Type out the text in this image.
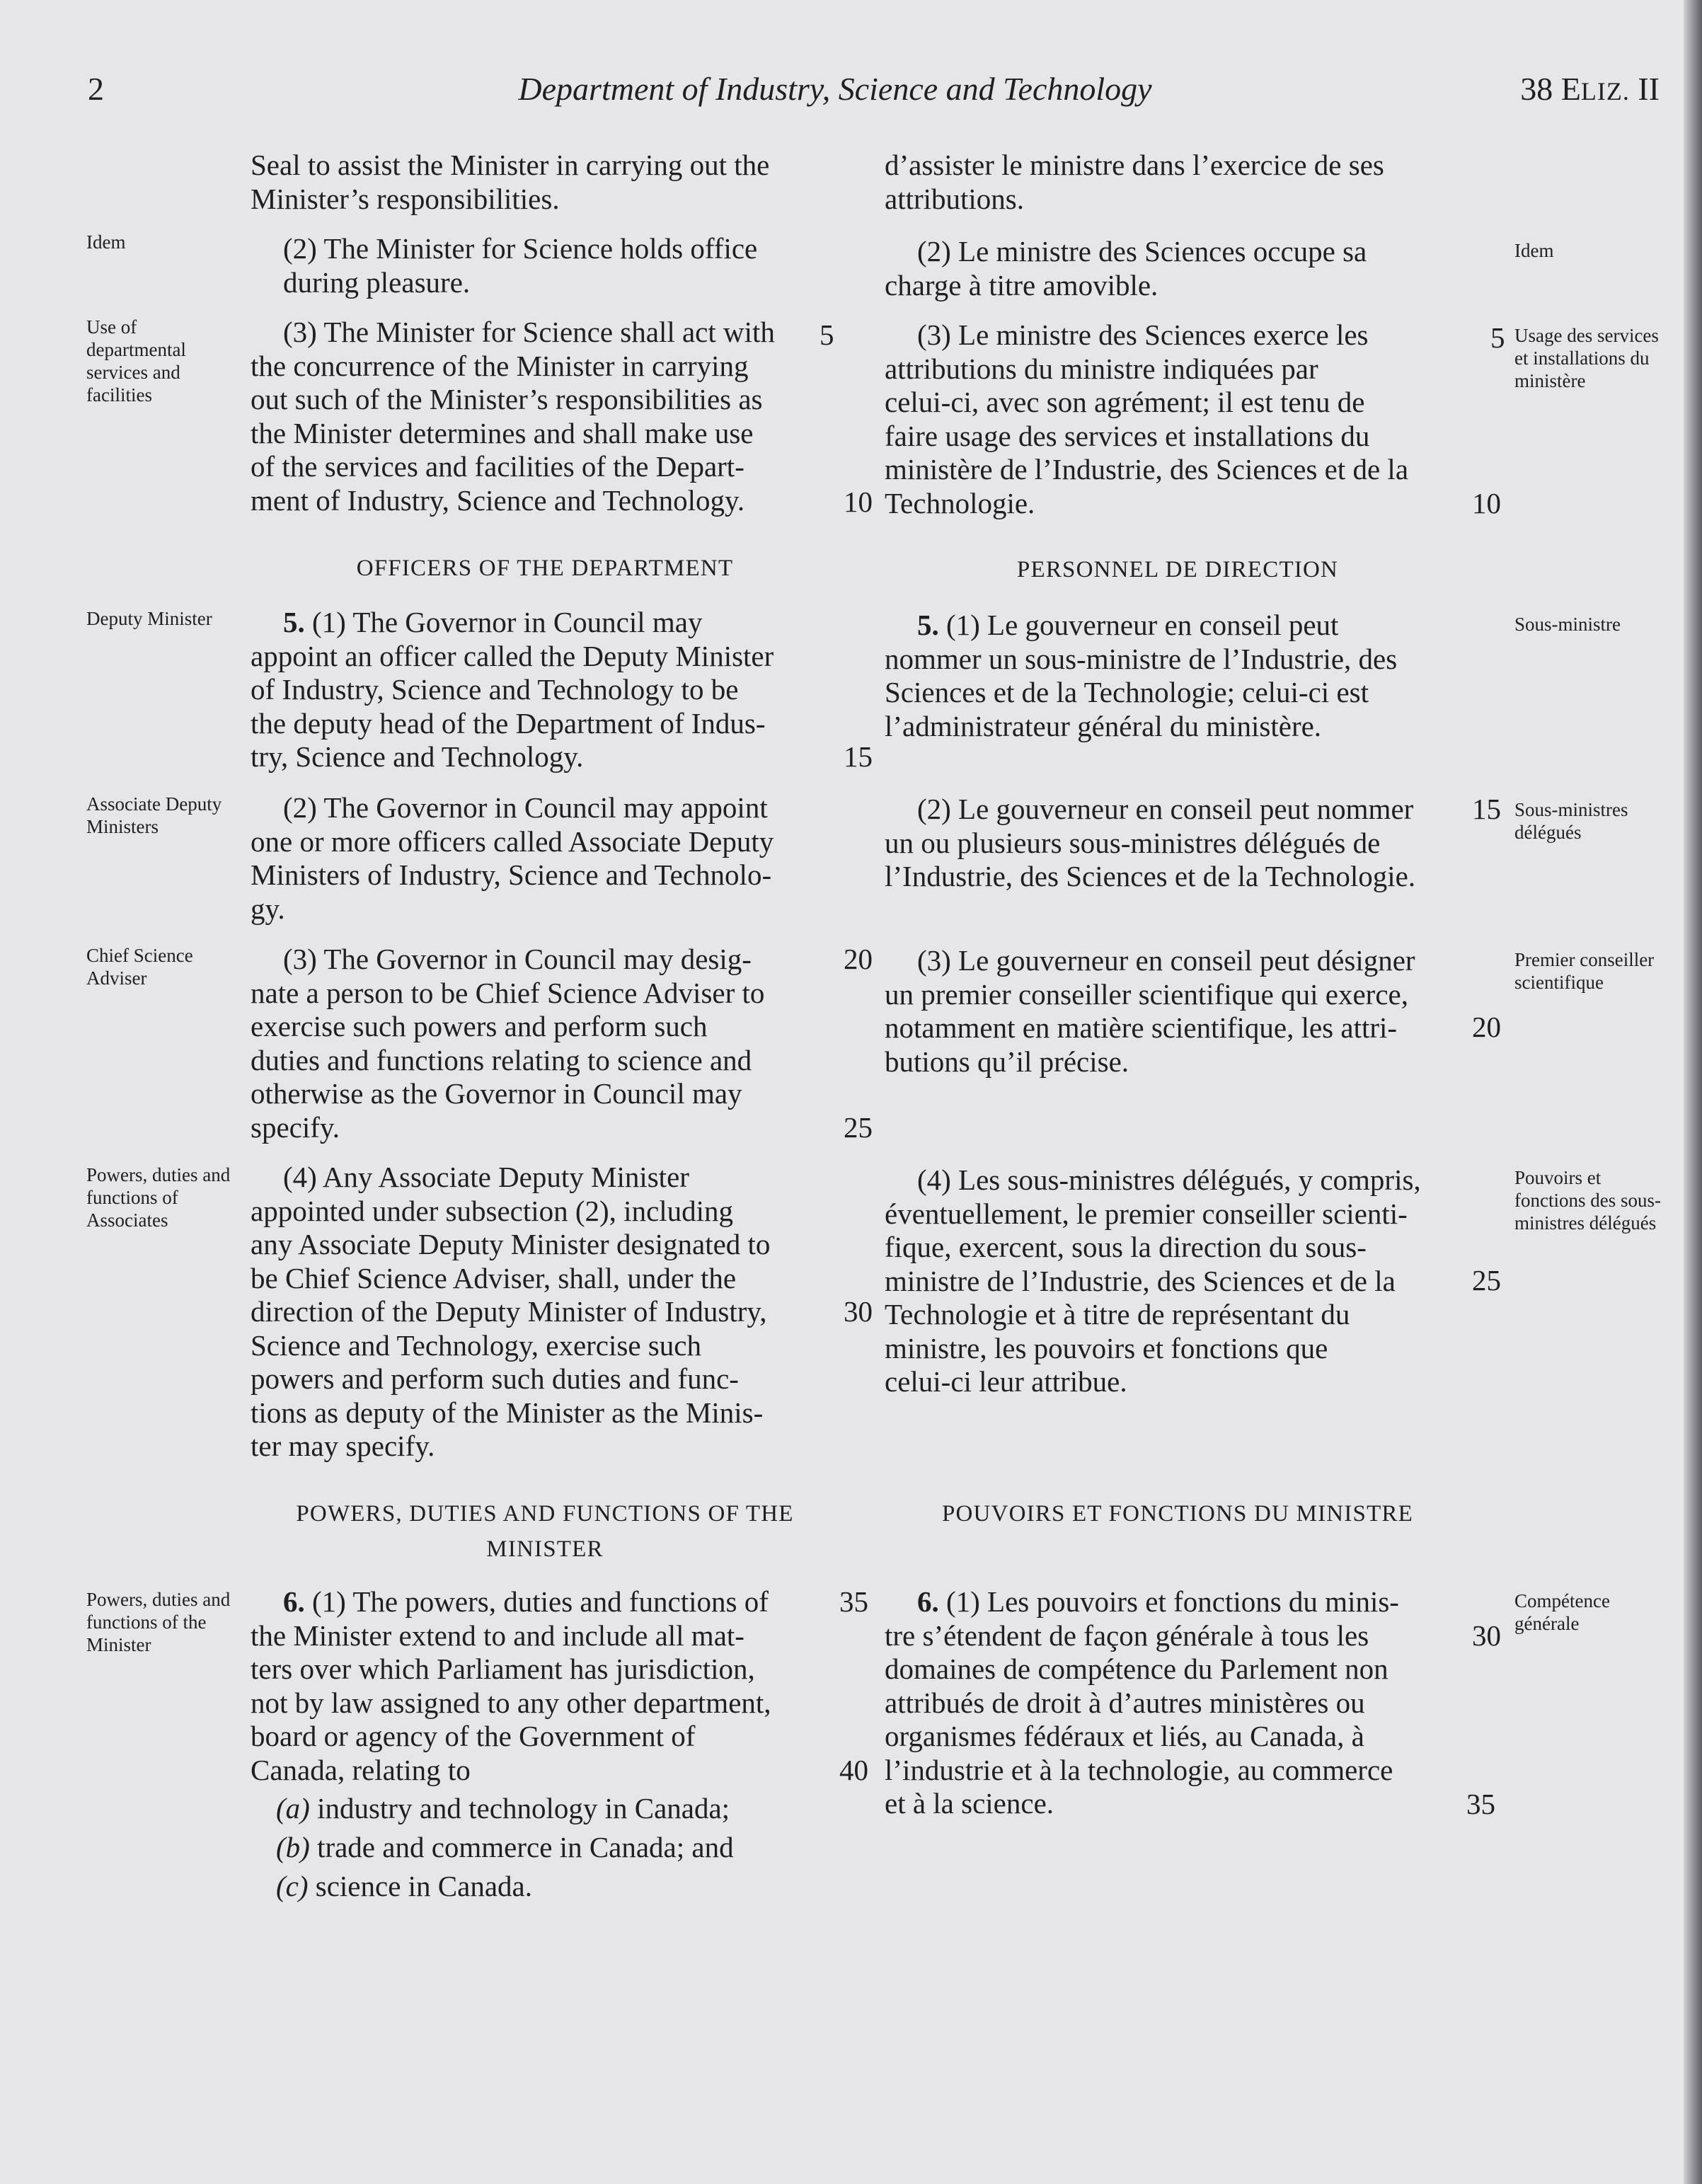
2	Department of Industry, Science and Technology	38 ELIZ. II
Idem
Use of departmental services and facilities
Deputy Minister
Associate Deputy Ministers
Chief Science Adviser
Powers, duties and functions of Associates
Powers, duties and functions of the Minister
Idem
Usage des services et installations du ministère
Sous-ministre
Sous-ministres délégués
Premier conseiller scientifique
Pouvoirs et fonctions des sous-ministres délégués
Compétence générale
Seal to assist the Minister in carrying out the
Minister’s responsibilities.
(2) The Minister for Science holds office
during pleasure.
(3) The Minister for Science shall act with
the concurrence of the Minister in carrying
out such of the Minister’s responsibilities as
the Minister determines and shall make use
of the services and facilities of the Depart-
ment of Industry, Science and Technology.
OFFICERS OF THE DEPARTMENT
5. (1) The Governor in Council may
appoint an officer called the Deputy Minister
of Industry, Science and Technology to be
the deputy head of the Department of Indus-
try, Science and Technology.
(2) The Governor in Council may appoint
one or more officers called Associate Deputy
Ministers of Industry, Science and Technolo-
gy.
(3) The Governor in Council may desig-
nate a person to be Chief Science Adviser to
exercise such powers and perform such
duties and functions relating to science and
otherwise as the Governor in Council may
specify.
(4) Any Associate Deputy Minister
appointed under subsection (2), including
any Associate Deputy Minister designated to
be Chief Science Adviser, shall, under the
direction of the Deputy Minister of Industry,
Science and Technology, exercise such
powers and perform such duties and func-
tions as deputy of the Minister as the Minis-
ter may specify.
POWERS, DUTIES AND FUNCTIONS OF THE MINISTER
6. (1) The powers, duties and functions of
the Minister extend to and include all mat-
ters over which Parliament has jurisdiction,
not by law assigned to any other department,
board or agency of the Government of
Canada, relating to
(a) industry and technology in Canada;
(b) trade and commerce in Canada; and
(c) science in Canada.
d’assister le ministre dans l’exercice de ses
attributions.
(2) Le ministre des Sciences occupe sa
charge à titre amovible.
(3) Le ministre des Sciences exerce les
attributions du ministre indiquées par
celui-ci, avec son agrément; il est tenu de
faire usage des services et installations du
ministère de l’Industrie, des Sciences et de la
Technologie.
PERSONNEL DE DIRECTION
5. (1) Le gouverneur en conseil peut
nommer un sous-ministre de l’Industrie, des
Sciences et de la Technologie; celui-ci est
l’administrateur général du ministère.
(2) Le gouverneur en conseil peut nommer
un ou plusieurs sous-ministres délégués de
l’Industrie, des Sciences et de la Technologie.
(3) Le gouverneur en conseil peut désigner
un premier conseiller scientifique qui exerce,
notamment en matière scientifique, les attri-
butions qu’il précise.
(4) Les sous-ministres délégués, y compris,
éventuellement, le premier conseiller scienti-
fique, exercent, sous la direction du sous-
ministre de l’Industrie, des Sciences et de la
Technologie et à titre de représentant du
ministre, les pouvoirs et fonctions que
celui-ci leur attribue.
POUVOIRS ET FONCTIONS DU MINISTRE
6. (1) Les pouvoirs et fonctions du minis-
tre s’étendent de façon générale à tous les
domaines de compétence du Parlement non
attribués de droit à d’autres ministères ou
organismes fédéraux et liés, au Canada, à
l’industrie et à la technologie, au commerce
et à la science.
5
10
15
20
25
30
35
40
5
10
15
20
25
30
35
